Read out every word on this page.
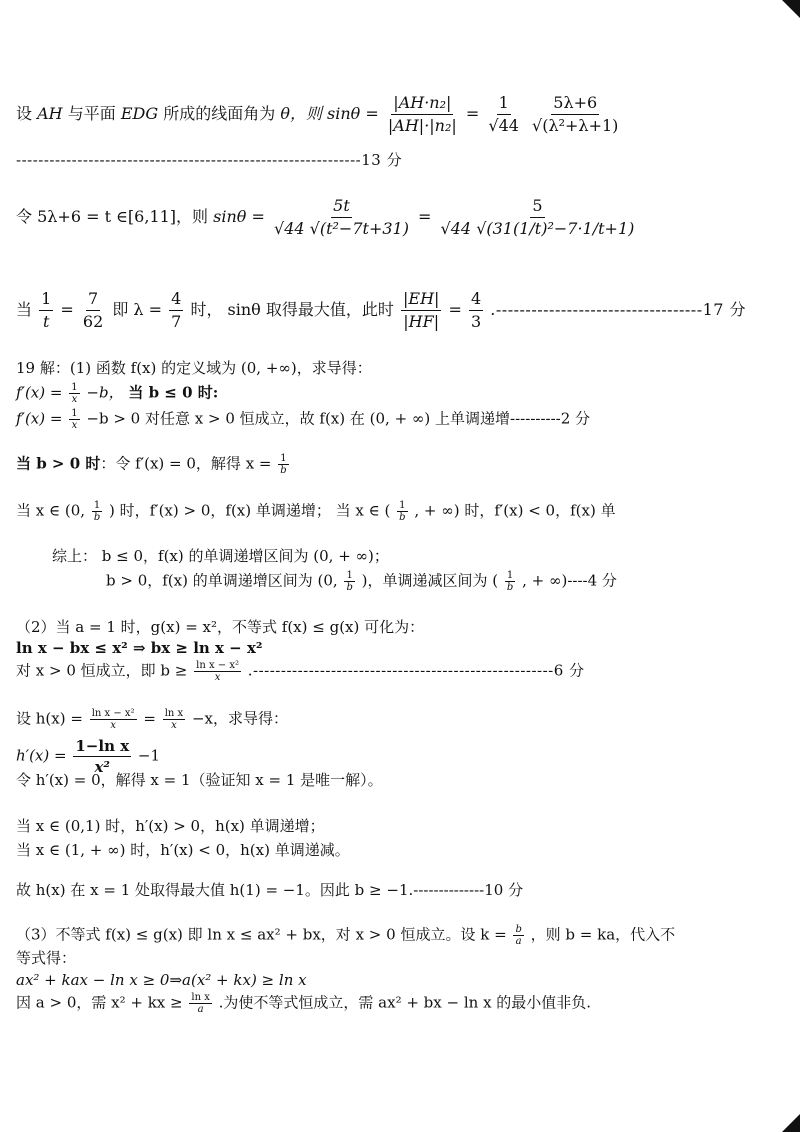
设 AH 与平面 EDG 所成的线面角为 θ，则 $\sin\theta = \frac{\text{|AH·n₂|}}{\text{|AH|·|n₂|}} = \frac{1}{√44}$
$\frac{5\lambda+6}{\text{√(λ²+λ+1)}}$
--------------------------------------------------------------13 分
令 5λ+6 = t ∈[6,11]，则 $\sin\theta = \frac{5t}{\text{√44 √(t²−7t+31)}} = \frac{5}{\text{√44 √(31(1/t)²−7·1/t+1)}}$
当 $\frac{1}{t} = \frac{7}{62}$ 即 $\lambda = \frac{4}{7}$ 时， sinθ 取得最大值，此时 $\frac{|EH|}{|HF|} = \frac{4}{3} .-----------------------------------17$ 分
19 解：(1) 函数 f(x) 的定义域为 (0, +∞)，求导得：
$f'(x) = \frac{1}{x} -b$， 当 b ≤ 0 时:
$f'(x) = \frac{1}{x} -b > 0$ 对任意 x > 0 恒成立，故 f(x) 在 (0, + ∞) 上单调递增----------2 分
当 b > 0 时：令 f′(x) = 0，解得 $x = \frac{1}{b}$
当 x ∈ (0, $\frac{1}{b}$ ) 时，f′(x) > 0，f(x) 单调递增； 当 x ∈ ( $\frac{1}{b}$ , + ∞) 时，f′(x) < 0，f(x) 单
综上： b ≤ 0，f(x) 的单调递增区间为 (0, + ∞)；
b > 0，f(x) 的单调递增区间为 (0, $\frac{1}{b}$ )，单调递减区间为 ( $\frac{1}{b}$ , + ∞)----4 分
（2）当 a = 1 时，g(x) = x²，不等式 f(x) ≤ g(x) 可化为：
ln x − bx ≤ x² ⇒ bx ≥ ln x − x²
对 x > 0 恒成立，即 $b \ge \frac{\text{ln x − x²}}{x} .------------------------------------------------------6$ 分
设 $h(x) = \frac{\text{ln x − x²}}{x} = \frac{\text{ln x}}{x} -x$，求导得：
$h'(x) = \frac{\text{1−ln x}}{\text{x²}} -1$
令 h′(x) = 0，解得 x = 1（验证知 x = 1 是唯一解）。
当 x ∈ (0,1) 时，h′(x) > 0，h(x) 单调递增；
当 x ∈ (1, + ∞) 时，h′(x) < 0，h(x) 单调递减。
故 h(x) 在 x = 1 处取得最大值 h(1) = −1。因此 b ≥ −1.--------------10 分
（3）不等式 f(x) ≤ g(x) 即 ln x ≤ ax² + bx，对 x > 0 恒成立。设 $k = \frac{b}{a}$ ，则 b = ka，代入不
等式得：
ax² + kax − ln x ≥ 0⇒a(x² + kx) ≥ ln x
因 a > 0，需 x² + kx ≥ $\frac{\text{ln x}}{a}$ .为使不等式恒成立，需 ax² + bx − ln x 的最小值非负.
